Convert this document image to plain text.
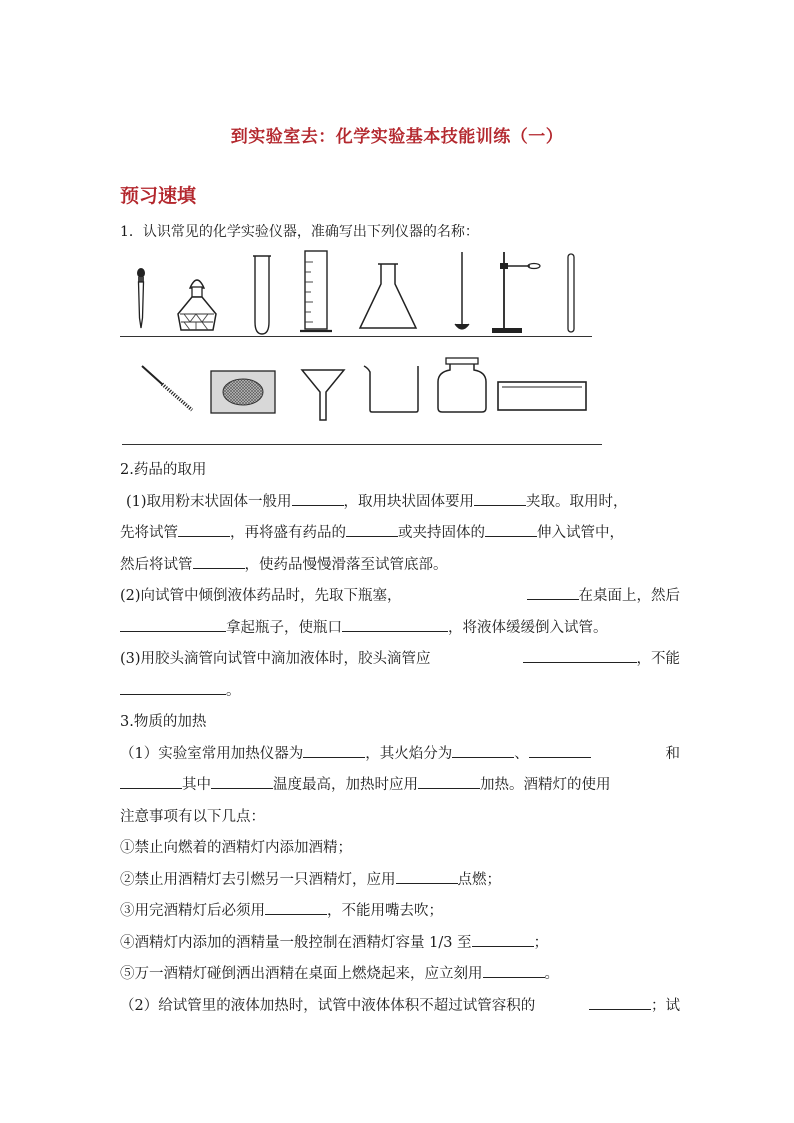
到实验室去：化学实验基本技能训练（一）
预习速填
1．认识常见的化学实验仪器，准确写出下列仪器的名称：

2.药品的取用

(1)取用粉末状固体一般用	，取用块状固体要用	夹取。取用时，

先将试管	，再将盛有药品的	或夹持固体的	伸入试管中，

然后将试管	，使药品慢慢滑落至试管底部。

(2)向试管中倾倒液体药品时，先取下瓶塞，	在桌面上，然后

拿起瓶子，使瓶口	，将液体缓缓倒入试管。

(3)用胶头滴管向试管中滴加液体时，胶头滴管应	，不能

。

3.物质的加热

（1）实验室常用加热仪器为	，其火焰分为	、	和

其中	温度最高，加热时应用	加热。酒精灯的使用

注意事项有以下几点：

①禁止向燃着的酒精灯内添加酒精；

②禁止用酒精灯去引燃另一只酒精灯，应用	点燃；

③用完酒精灯后必须用	，不能用嘴去吹；

④酒精灯内添加的酒精量一般控制在酒精灯容量 1/3 至	；

⑤万一酒精灯碰倒洒出酒精在桌面上燃烧起来，应立刻用	。

（2）给试管里的液体加热时，试管中液体体积不超过试管容积的	；试
